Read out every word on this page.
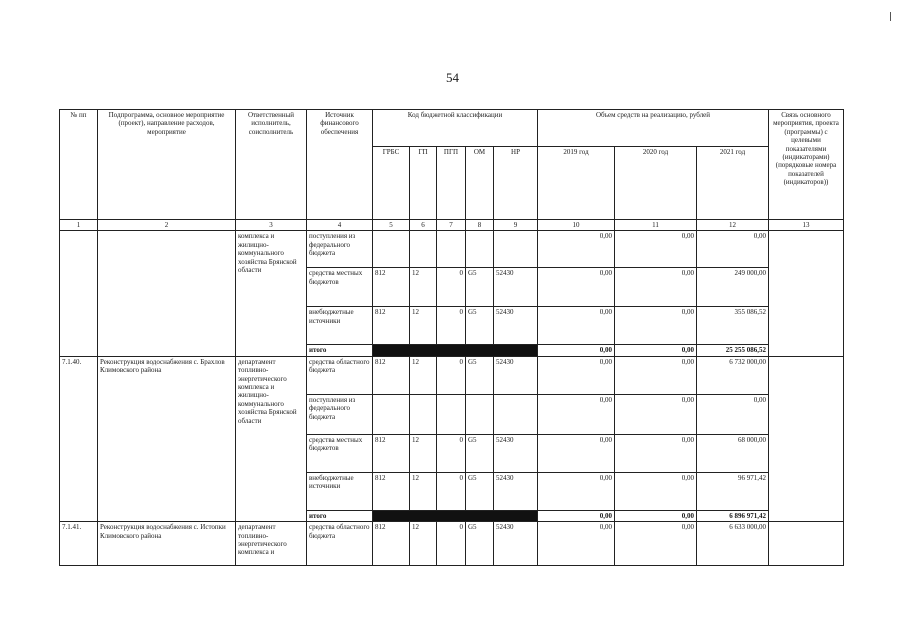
54
№ пп	Подпрограмма, основное мероприятие (проект), направление расходов, мероприятие	Ответственный исполнитель, соисполнитель	Источник финансового обеспечения	Код бюджетной классификации					Объем средств на реализацию, рублей			Связь основного мероприятия, проекта (программы) с целевыми показателями (индикаторами) (порядковые номера показателей (индикаторов))
				ГРБС	ГП	ПГП	ОМ	НР	2019 год	2020 год	2021 год	
1	2	3	4	5	6	7	8	9	10	11	12	13
		комплекса и жилищно-коммунального хозяйства Брянской области	поступления из федерального бюджета						0,00	0,00	0,00	
			средства местных бюджетов	812	12	0	G5	52430	0,00	0,00	249 000,00	
			внебюджетные источники	812	12	0	G5	52430	0,00	0,00	355 086,52	
			итого						0,00	0,00	25 255 086,52	
7.1.40.	Реконструкция водоснабжения с. Брахлов Климовского района	департамент топливно-энергетического комплекса и жилищно-коммунального хозяйства Брянской области	средства областного бюджета	812	12	0	G5	52430	0,00	0,00	6 732 000,00	
			поступления из федерального бюджета						0,00	0,00	0,00	
			средства местных бюджетов	812	12	0	G5	52430	0,00	0,00	68 000,00	
			внебюджетные источники	812	12	0	G5	52430	0,00	0,00	96 971,42	
			итого						0,00	0,00	6 896 971,42	
7.1.41.	Реконструкция водоснабжения с. Истопки Климовского района	департамент топливно-энергетического комплекса и	средства областного бюджета	812	12	0	G5	52430	0,00	0,00	6 633 000,00	
